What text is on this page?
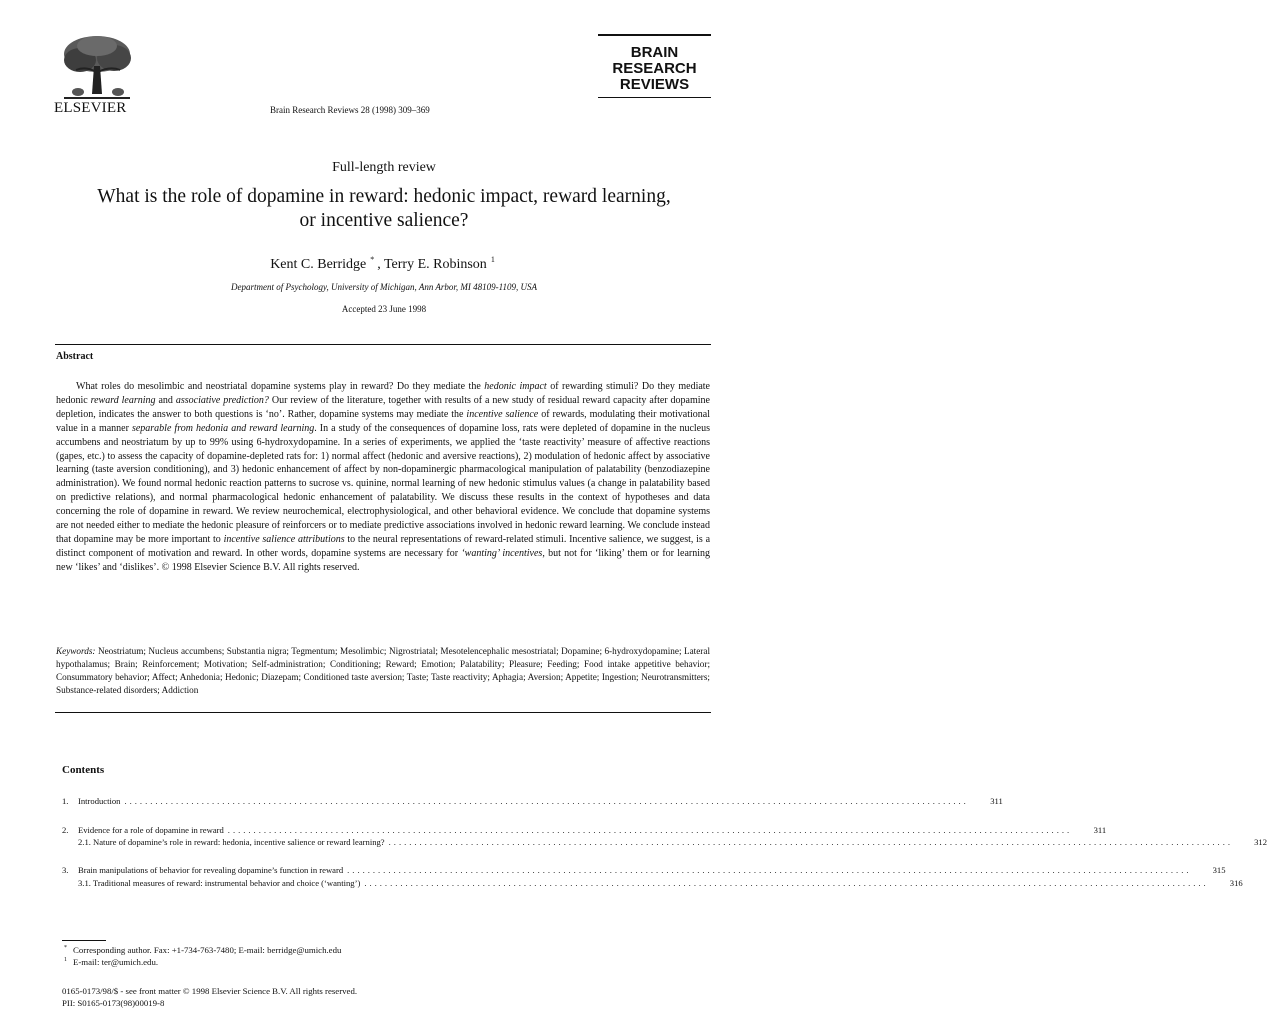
ELSEVIER	Brain Research Reviews 28 (1998) 309–369
BRAIN
RESEARCH
REVIEWS
Full-length review
What is the role of dopamine in reward: hedonic impact, reward learning, or incentive salience?
Kent C. Berridge * , Terry E. Robinson $^1$
Department of Psychology, University of Michigan, Ann Arbor, MI 48109-1109, USA
Accepted 23 June 1998
Abstract
What roles do mesolimbic and neostriatal dopamine systems play in reward? Do they mediate the hedonic impact of rewarding stimuli? Do they mediate hedonic reward learning and associative prediction? Our review of the literature, together with results of a new study of residual reward capacity after dopamine depletion, indicates the answer to both questions is ‘no’. Rather, dopamine systems may mediate the incentive salience of rewards, modulating their motivational value in a manner separable from hedonia and reward learning. In a study of the consequences of dopamine loss, rats were depleted of dopamine in the nucleus accumbens and neostriatum by up to 99% using 6-hydroxydopamine. In a series of experiments, we applied the ‘taste reactivity’ measure of affective reactions (gapes, etc.) to assess the capacity of dopamine-depleted rats for: 1) normal affect (hedonic and aversive reactions), 2) modulation of hedonic affect by associative learning (taste aversion conditioning), and 3) hedonic enhancement of affect by non-dopaminergic pharmacological manipulation of palatability (benzodiazepine administration). We found normal hedonic reaction patterns to sucrose vs. quinine, normal learning of new hedonic stimulus values (a change in palatability based on predictive relations), and normal pharmacological hedonic enhancement of palatability. We discuss these results in the context of hypotheses and data concerning the role of dopamine in reward. We review neurochemical, electrophysiological, and other behavioral evidence. We conclude that dopamine systems are not needed either to mediate the hedonic pleasure of reinforcers or to mediate predictive associations involved in hedonic reward learning. We conclude instead that dopamine may be more important to incentive salience attributions to the neural representations of reward-related stimuli. Incentive salience, we suggest, is a distinct component of motivation and reward. In other words, dopamine systems are necessary for ‘wanting’ incentives, but not for ‘liking’ them or for learning new ‘likes’ and ‘dislikes’. © 1998 Elsevier Science B.V. All rights reserved.
Keywords: Neostriatum; Nucleus accumbens; Substantia nigra; Tegmentum; Mesolimbic; Nigrostriatal; Mesotelencephalic mesostriatal; Dopamine; 6-hydroxydopamine; Lateral hypothalamus; Brain; Reinforcement; Motivation; Self-administration; Conditioning; Reward; Emotion; Palatability; Pleasure; Feeding; Food intake appetitive behavior; Consummatory behavior; Affect; Anhedonia; Hedonic; Diazepam; Conditioned taste aversion; Taste; Taste reactivity; Aphagia; Aversion; Appetite; Ingestion; Neurotransmitters; Substance-related disorders; Addiction
Contents
1.	Introduction ....................................................................................................................................................................	311
2.	Evidence for a role of dopamine in reward ....................................................................................................................................................................	311
2.1. Nature of dopamine’s role in reward: hedonia, incentive salience or reward learning? ....................................................................................................................................................................	312
3.	Brain manipulations of behavior for revealing dopamine’s function in reward ....................................................................................................................................................................	315
3.1. Traditional measures of reward: instrumental behavior and choice (‘wanting’) ....................................................................................................................................................................	316
* Corresponding author. Fax: +1-734-763-7480; E-mail: berridge@umich.edu
$^1$ E-mail: ter@umich.edu.
0165-0173/98/$ - see front matter © 1998 Elsevier Science B.V. All rights reserved.
PII: S0165-0173(98)00019-8
